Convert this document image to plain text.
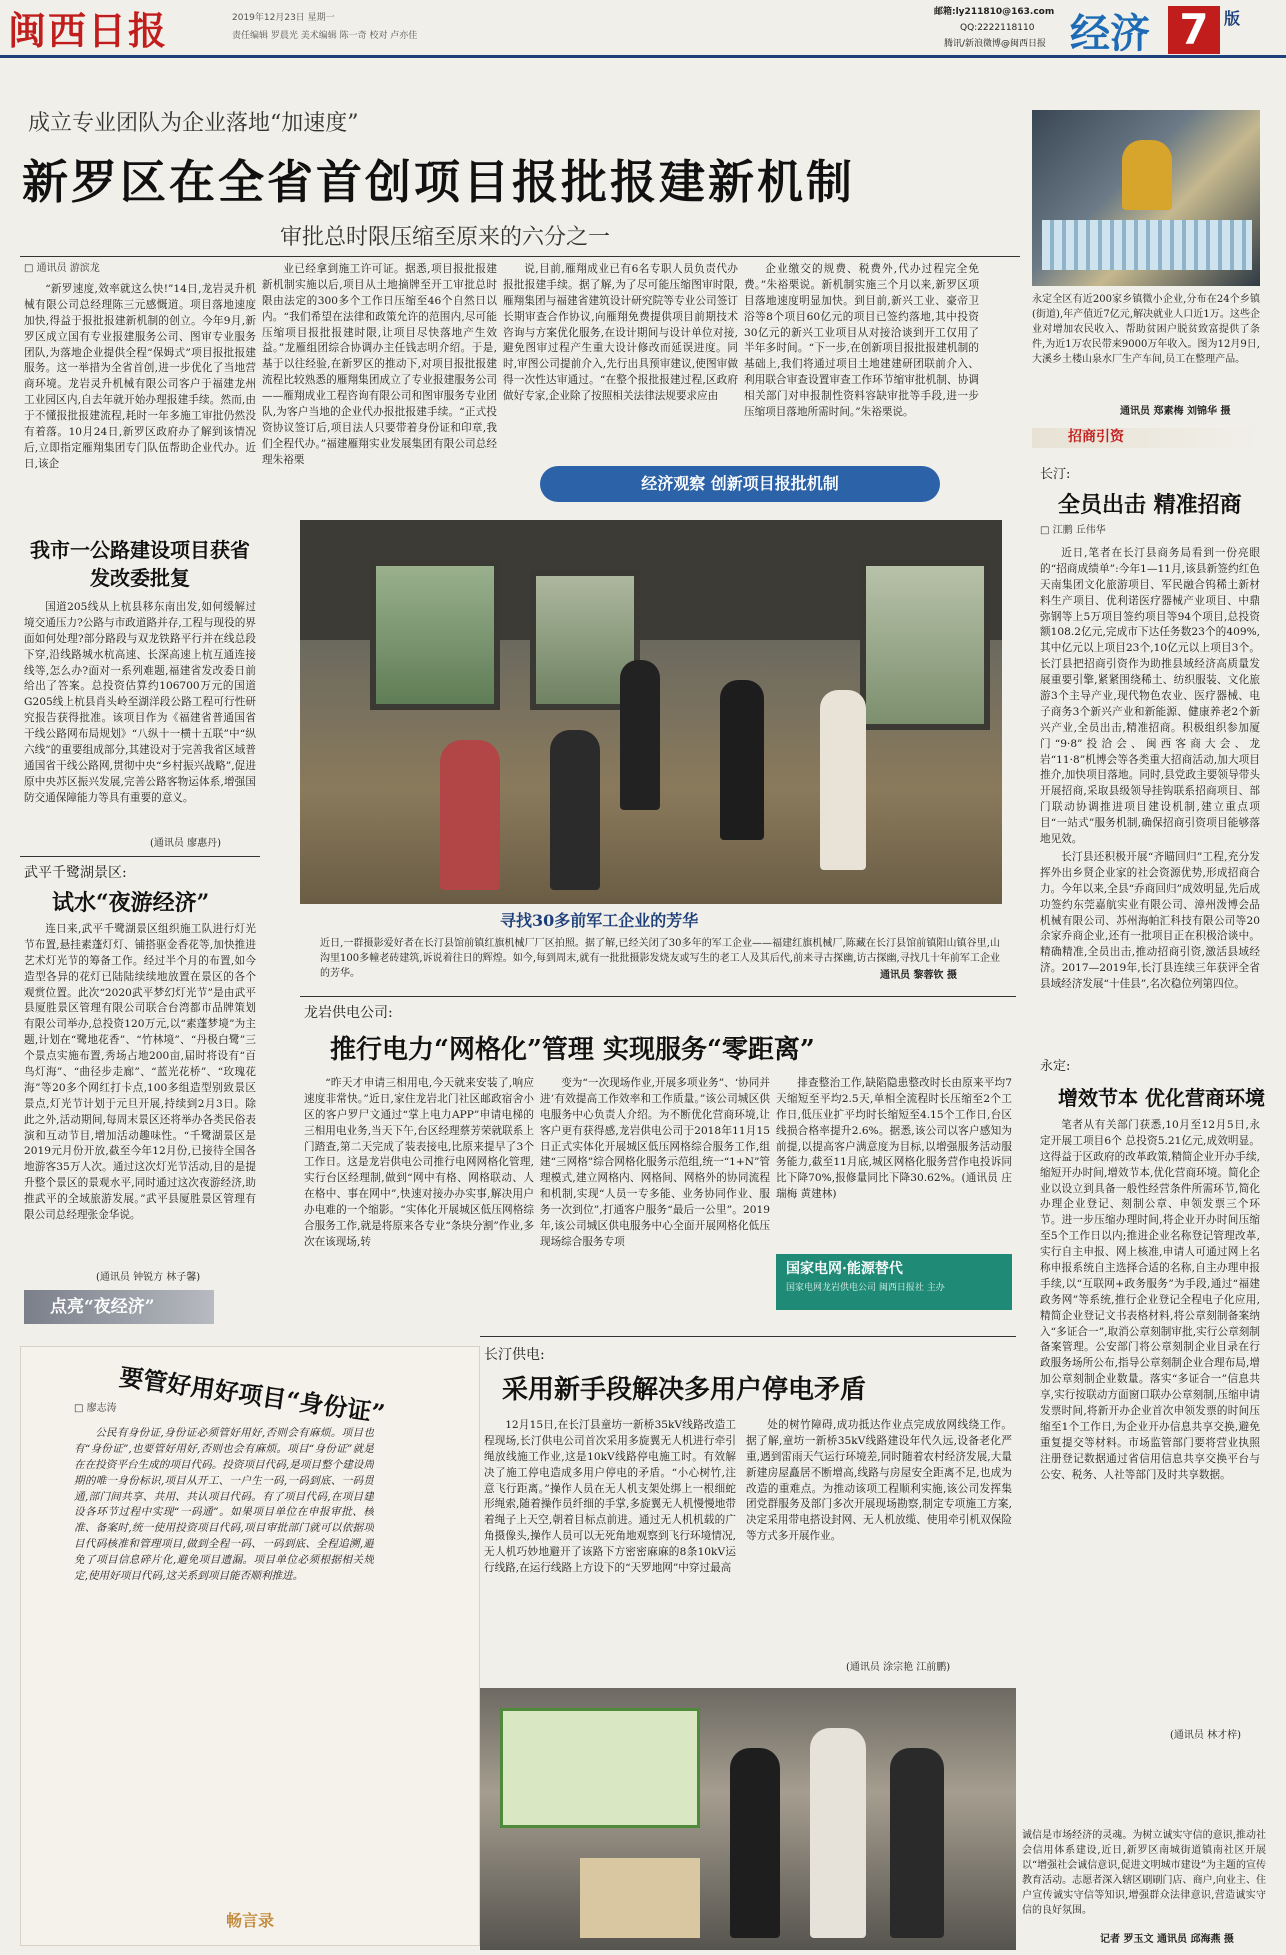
闽西日报	2019年12月23日 星期一
责任编辑 罗晨光 美术编辑 陈一奇 校对 卢亦佳
邮箱:ly211810@163.com
QQ:2222118110
腾讯/新浪微博@闽西日报 经济 7 版
成立专业团队为企业落地“加速度”
新罗区在全省首创项目报批报建新机制
审批总时限压缩至原来的六分之一
□ 通讯员 游滨龙

“新罗速度,效率就这么快!”14日,龙岩灵升机械有限公司总经理陈三元感慨道。项目落地速度加快,得益于报批报建新机制的创立。今年9月,新罗区成立国有专业报建服务公司、图审专业服务团队,为落地企业提供全程“保姆式”项目报批报建服务。这一举措为全省首创,进一步优化了当地营商环境。龙岩灵升机械有限公司客户于福建龙州工业园区内,自去年就开始办理报建手续。然而,由于不懂报批报建流程,耗时一年多施工审批仍然没有着落。10月24日,新罗区政府办了解到该情况后,立即指定雁翔集团专门队伍帮助企业代办。近日,该企

业已经拿到施工许可证。据悉,项目报批报建新机制实施以后,项目从土地摘牌至开工审批总时限由法定的300多个工作日压缩至46个自然日以内。“我们希望在法律和政策允许的范围内,尽可能压缩项目报批报建时限,让项目尽快落地产生效益。”龙雁组团综合协调办主任钱志明介绍。于是,基于以往经验,在新罗区的推动下,对项目报批报建流程比较熟悉的雁翔集团成立了专业报建服务公司——雁翔成业工程咨询有限公司和图审服务专业团队,为客户当地的企业代办报批报建手续。“正式投资协议签订后,项目法人只要带着身份证和印章,我们全程代办。”福建雁翔实业发展集团有限公司总经理朱裕栗

说,目前,雁翔成业已有6名专职人员负责代办报批报建手续。据了解,为了尽可能压缩图审时限,雁翔集团与福建省建筑设计研究院等专业公司签订长期审查合作协议,向雁翔免费提供项目前期技术咨询与方案优化服务,在设计期间与设计单位对接,避免图审过程产生重大设计修改而延误进度。同时,审图公司提前介入,先行出具预审建议,使图审做得一次性达审通过。“在整个报批报建过程,区政府做好专家,企业除了按照相关法律法规要求应由

企业缴交的规费、税费外,代办过程完全免费。”朱裕栗说。新机制实施三个月以来,新罗区项目落地速度明显加快。到目前,新兴工业、豪帝卫浴等8个项目60亿元的项目已签约落地,其中投资30亿元的新兴工业项目从对接洽谈到开工仅用了半年多时间。“下一步,在创新项目报批报建机制的基础上,我们将通过项目土地建建研团联前介入、利用联合审查设置审查工作环节缩审批机制、协调相关部门对申报制性资料容缺审批等手段,进一步压缩项目落地所需时间。”朱裕栗说。

经济观察 创新项目报批机制
永定全区有近200家乡镇微小企业,分布在24个乡镇(街道),年产值近7亿元,解决就业人口近1万。这些企业对增加农民收入、帮助贫困户脱贫致富提供了条件,为近1万农民带来9000万年收入。图为12月9日,大溪乡土楼山泉水厂生产车间,员工在整理产品。
通讯员 郑素梅 刘锦华 摄
招商引资
长汀:
全员出击 精准招商
□ 江鹏 丘伟华

近日,笔者在长汀县商务局看到一份亮眼的“招商成绩单”:今年1—11月,该县新签约红色天南集团文化旅游项目、军民融合钨稀土新材料生产项目、优利诺医疗器械产业项目、中鼎弥钢等上5万项目签约项目等94个项目,总投资额108.2亿元,完成市下达任务数23个的409%,其中亿元以上项目23个,10亿元以上项目3个。长汀县把招商引资作为助推县域经济高质量发展重要引擎,紧紧围绕稀土、纺织服装、文化旅游3个主导产业,现代物色农业、医疗器械、电子商务3个新兴产业和新能源、健康养老2个新兴产业,全员出击,精准招商。积极组织参加厦门“9·8”投洽会、闽西客商大会、龙岩“11·8”机博会等各类重大招商活动,加大项目推介,加快项目落地。同时,县党政主要领导带头开展招商,采取县级领导挂钩联系招商项目、部门联动协调推进项目建设机制,建立重点项目“一站式”服务机制,确保招商引资项目能够落地见效。

长汀县还积极开展“齐瞄回归”工程,充分发挥外出乡贤企业家的社会资源优势,形成招商合力。今年以来,全县“乔商回归”成效明显,先后成功签约东莞嘉航实业有限公司、漳州泼博会品机械有限公司、苏州海帕汇科技有限公司等20余家乔商企业,还有一批项目正在积极洽谈中。精确精准,全员出击,推动招商引资,激活县域经济。2017—2019年,长汀县连续三年获评全省县域经济发展“十佳县”,名次稳位列第四位。

永定:
增效节本 优化营商环境

笔者从有关部门获悉,10月至12月5日,永定开展工项目6个 总投资5.21亿元,成效明显。这得益于区政府的改革政策,精简企业开办手续,缩短开办时间,增效节本,优化营商环境。简化企业以设立到具备一般性经营条件所需环节,简化办理企业登记、刻制公章、申领发票三个环节。进一步压缩办理时间,将企业开办时间压缩至5个工作日以内;推进企业名称登记管理改革,实行自主申报、网上核准,申请人可通过网上名称申报系统自主选择合适的名称,自主办理申报手续,以“互联网+政务服务”为手段,通过“福建政务网”等系统,推行企业登记全程电子化应用,精简企业登记文书表格材料,将公章刻制备案纳入“多证合一”,取消公章刻制审批,实行公章刻制备案管理。公安部门将公章刻制企业目录在行政服务场所公布,指导公章刻制企业合理布局,增加公章刻制企业数量。落实“多证合一”信息共享,实行按联动方面窗口联办公章刻制,压缩申请发票时间,将新开办企业首次申领发票的时间压缩至1个工作日,为企业开办信息共享交换,避免重复提交等材料。市场监管部门要将营业执照注册登记数据通过省信用信息共享交换平台与公安、税务、人社等部门及时共享数据。

(通讯员 林才梓)
我市一公路建设项目获省发改委批复

国道205线从上杭县移东南出发,如何缓解过境交通压力?公路与市政道路并存,工程与现役的界面如何处理?部分路段与双龙铁路平行并在线总段下穿,沿线路城水杭高速、长深高速上杭互通连接线等,怎么办?面对一系列难题,福建省发改委日前给出了答案。总投资估算约106700万元的国道G205线上杭县肖头岭至湖洋段公路工程可行性研究报告获得批准。该项目作为《福建省普通国省干线公路网布局规划》“八纵十一横十五联”中“纵六线”的重要组成部分,其建设对于完善我省区域普通国省干线公路网,贯彻中央“乡村振兴战略”,促进原中央苏区振兴发展,完善公路客物运体系,增强国防交通保障能力等具有重要的意义。

(通讯员 廖惠丹)
武平千鹭湖景区:
试水“夜游经济”

连日来,武平千鹭湖景区组织施工队进行灯光节布置,悬挂素蓬灯灯、铺搭驱金香花等,加快推进艺术灯光节的筹备工作。经过半个月的布置,如今造型各异的花灯已陆陆续续地放置在景区的各个观赏位置。此次“2020武平梦幻灯光节”是由武平县厦胜景区管理有限公司联合台湾都市品牌策划有限公司举办,总投资120万元,以“素蓬梦境”为主题,计划在“鹭地花香”、“竹林境”、“丹极白鹭”三个景点实施布置,秀场占地200亩,届时将设有“百鸟灯海”、“曲径步走廊”、“蓝光花桥”、“玫瑰花海”等20多个网红打卡点,100多组造型别致景区景点,灯光节计划于元旦开展,持续到2月3日。除此之外,活动期间,每周末景区还将举办各类民俗表演和互动节目,增加活动趣味性。“千鹭湖景区是2019元月份开放,截至今年12月份,已接待全国各地游客35万人次。通过这次灯光节活动,目的是提升整个景区的景观水平,同时通过这次夜游经济,助推武平的全域旅游发展。”武平县厦胜景区管理有限公司总经理张金华说。

(通讯员 钟锐方 林子馨)
点亮“夜经济”
寻找30多前军工企业的芳华
近日,一群摄影爱好者在长汀县馆前镇红旗机械厂厂区拍照。据了解,已经关闭了30多年的军工企业——福建红旗机械厂,陈藏在长汀县馆前镇阳山镇谷里,山沟里100多幢老砖建筑,诉说着往日的辉煌。如今,每到周末,就有一批批摄影发烧友或写生的老工人及其后代,前来寻古探幽,访古探幽,寻找几十年前军工企业的芳华。	通讯员 黎蓉钦 摄
龙岩供电公司:
推行电力“网格化”管理 实现服务“零距离”

“昨天才申请三相用电,今天就来安装了,响应速度非常快。”近日,家住龙岩北门社区邮政宿舍小区的客户罗尸文通过“掌上电力APP”申请电梯的三相用电业务,当天下午,台区经理蔡芳荣就联系上门踏查,第二天完成了装表接电,比原来提早了3个工作日。这是龙岩供电公司推行电网网格化管理,实行台区经理制,做到“网中有格、网格联动、人在格中、事在网中”,快速对接办办实事,解决用户办电难的一个缩影。“实体化开展城区低压网格综合服务工作,就是将原来各专业“条块分割”作业,多次在该现场,转

变为“一次现场作业,开展多项业务”、‘协同并进’有效提高工作效率和工作质量。”该公司城区供电服务中心负责人介绍。为不断优化营商环境,让客户更有获得感,龙岩供电公司于2018年11月15日正式实体化开展城区低压网格综合服务工作,组建“三网格”综合网格化服务示范组,统一“1+N”管理模式,建立网格内、网格间、网格外的协同流程和机制,实现“人员一专多能、业务协同作业、服务一次到位”,打通客户服务“最后一公里”。2019年,该公司城区供电服务中心全面开展网格化低压现场综合服务专项

排查整治工作,缺陷隐患整改时长由原来平均7天缩短至平均2.5天,单相全流程时长压缩至2个工作日,低压业扩平均时长缩短至4.15个工作日,台区线损合格率提升2.6%。据悉,该公司以客户感知为前提,以提高客户满意度为目标,以增强服务活动服务能力,截至11月底,城区网格化服务营作电投诉同比下降70%,报修量同比下降30.62%。(通讯员 庄瑞梅 黄建林)

国家电网·能源替代
国家电网龙岩供电公司 闽西日报社 主办
要管好用好项目“身份证”
□ 廖志涛

公民有身份证,身份证必须管好用好,否则会有麻烦。项目也有“身份证”,也要管好用好,否则也会有麻烦。项目“身份证”就是在在投资平台生成的项目代码。投资项目代码,是项目整个建设周期的唯一身份标识,项目从开工、一户生一码,一码到底、一码贯通,部门间共享、共用、共认项目代码。有了项目代码,在项目建设各环节过程中实现“一码通”。如果项目单位在申报审批、核准、备案时,统一使用投资项目代码,项目审批部门就可以依据项目代码核准和管理项目,做到全程一码、一码到底、全程追溯,避免了项目信息碎片化,避免项目遗漏。项目单位必须根据相关规定,使用好项目代码,这关系到项目能否顺利推进。

畅言录
长汀供电:
采用新手段解决多用户停电矛盾

12月15日,在长汀县童坊一新桥35kV线路改造工程现场,长汀供电公司首次采用多旋翼无人机进行牵引绳放线施工作业,这是10kV线路停电施工时。有效解决了施工停电造成多用户停电的矛盾。“小心树竹,注意飞行距离。”操作人员在无人机支架处绑上一根细蛇形绳索,随着操作员纤细的手掌,多旋翼无人机慢慢地带着绳子上天空,朝着目标点前进。通过无人机机载的广角摄像头,操作人员可以无死角地观察到飞行环境情况,无人机巧妙地避开了该路下方密密麻麻的8条10kV运行线路,在运行线路上方设下的“天罗地网”中穿过最高

处的树竹障碍,成功抵达作业点完成放网线绕工作。据了解,童坊一新桥35kV线路建设年代久远,设备老化严重,遇到雷雨天气运行环境差,同时随着农村经济发展,大量新建房屋矗居不断增高,线路与房屋安全距离不足,也成为改造的重难点。为推动该项工程顺利实施,该公司发挥集团党群服务及部门多次开展现场勘察,制定专项施工方案,决定采用带电搭设封网、无人机放缆、使用牵引机双保险等方式多开展作业。

(通讯员 涂宗艳 江前鹏)
诚信是市场经济的灵魂。为树立诚实守信的意识,推动社会信用体系建设,近日,新罗区南城街道镇南社区开展以“增强社会诚信意识,促进文明城市建设”为主题的宣传教育活动。志愿者深入辖区刷刷门店、商户,向业主、住户宣传诚实守信等知识,增强群众法律意识,营造诚实守信的良好氛围。
记者 罗玉文 通讯员 邱海燕 摄
